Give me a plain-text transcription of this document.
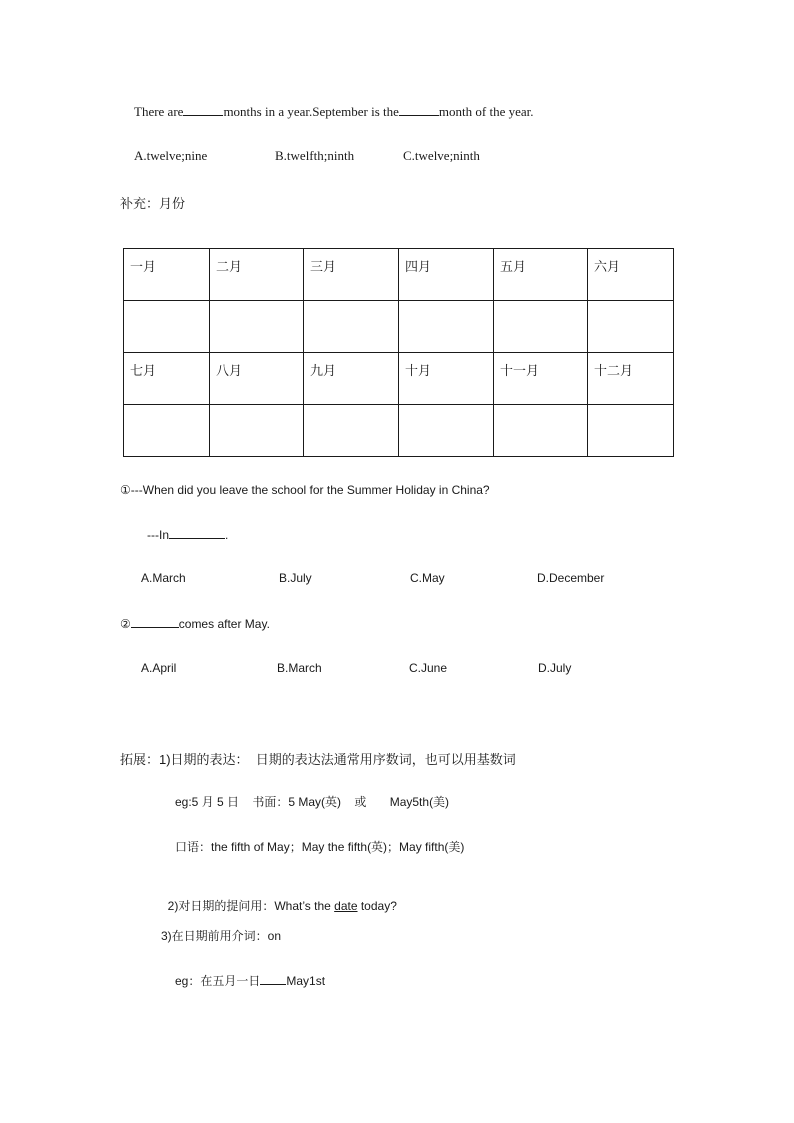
There are	months in a year.September is the	month of the year.
A.twelve;nine	B.twelfth;ninth	C.twelve;ninth
补充：月份
一月	二月	三月	四月	五月	六月

七月	八月	九月	十月	十一月	十二月

①---When did you leave the school for the Summer Holiday in China?
---In	.
A.March	B.July	C.May	D.December
②	comes after May.
A.April	B.March	C.June	D.July
拓展：1)日期的表达：  日期的表达法通常用序数词，也可以用基数词
eg:5 月 5 日    书面：5 May(英)    或       May5th(美)
口语：the fifth of May；May the fifth(英)；May fifth(美)

2)对日期的提问用：What’s the date today?

3)在日期前用介词：on
eg：在五月一日 May1st
